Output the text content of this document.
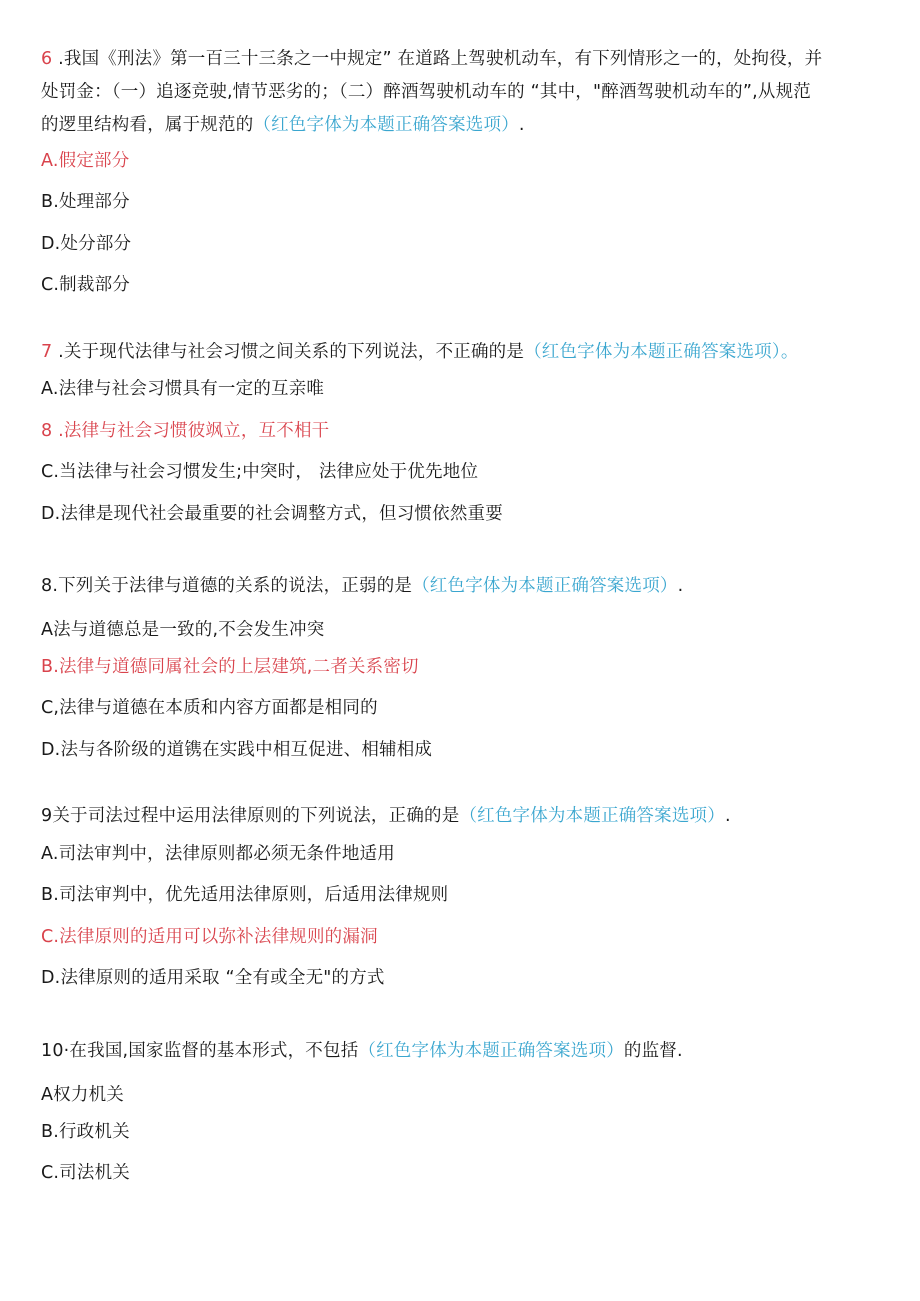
6 .我国《刑法》第一百三十三条之一中规定” 在道路上驾驶机动车，有下列情形之一的，处拘役，并

处罚金：（一）追逐竞驶,情节恶劣的；（二）醉酒驾驶机动车的 “其中，"醉酒驾驶机动车的”,从规范

的逻里结构看，属于规范的（红色字体为本题正确答案选项）.

A.假定部分

B.处理部分

D.处分部分

C.制裁部分

7 .关于现代法律与社会习惯之间关系的下列说法，不正确的是（红色字体为本题正确答案选项）。

A.法律与社会习惯具有一定的互亲唯

8 .法律与社会习惯彼飒立，互不相干

C.当法律与社会习惯发生;中突时， 法律应处于优先地位

D.法律是现代社会最重要的社会调整方式，但习惯依然重要

8.下列关于法律与道德的关系的说法，正弱的是（红色字体为本题正确答案选项）.

A法与道德总是一致的,不会发生冲突

B.法律与道德同属社会的上层建筑,二者关系密切

C,法律与道德在本质和内容方面都是相同的

D.法与各阶级的道镌在实践中相互促进、相辅相成

9关于司法过程中运用法律原则的下列说法，正确的是（红色字体为本题正确答案选项）.

A.司法审判中，法律原则都必须无条件地适用

B.司法审判中，优先适用法律原则，后适用法律规则

C.法律原则的适用可以弥补法律规则的漏洞

D.法律原则的适用采取 “全有或全无"的方式

10·在我国,国家监督的基本形式，不包括（红色字体为本题正确答案选项）的监督.

A权力机关

B.行政机关

C.司法机关
